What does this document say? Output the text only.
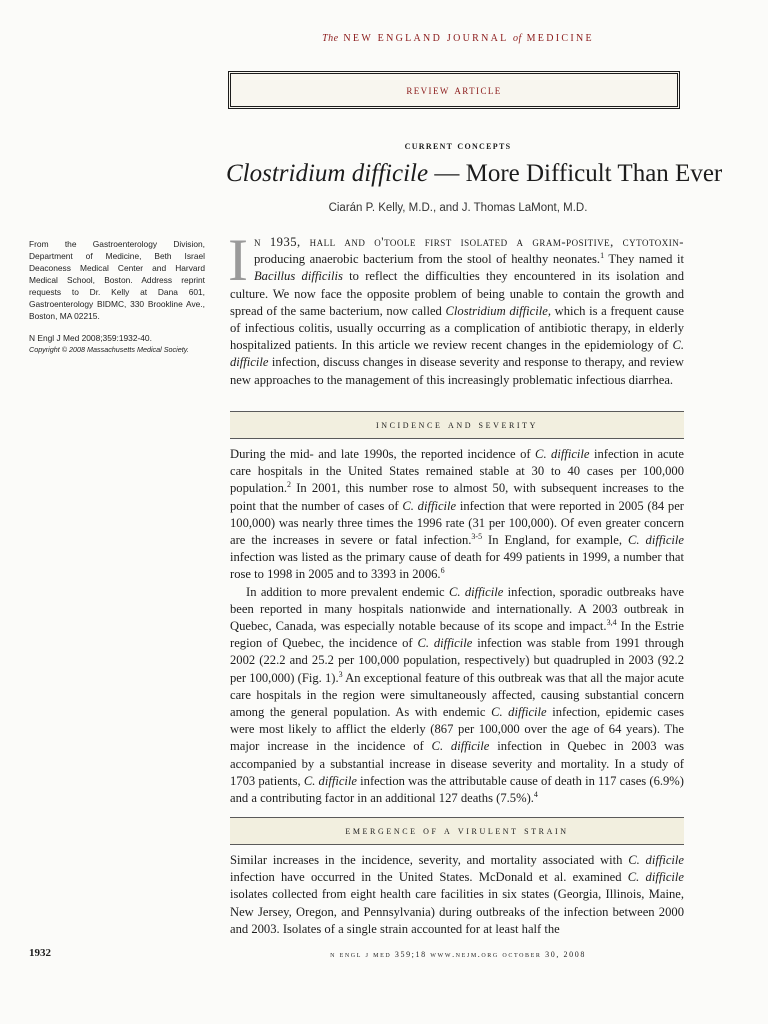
The NEW ENGLAND JOURNAL of MEDICINE
review article
current concepts
Clostridium difficile — More Difficult Than Ever
Ciarán P. Kelly, M.D., and J. Thomas LaMont, M.D.

From the Gastroenterology Division, Department of Medicine, Beth Israel Deaconess Medical Center and Harvard Medical School, Boston. Address reprint requests to Dr. Kelly at Dana 601, Gastroenterology BIDMC, 330 Brookline Ave., Boston, MA 02215.

N Engl J Med 2008;359:1932-40.

Copyright © 2008 Massachusetts Medical Society.

In 1935, hall and o'toole first isolated a gram-positive, cytotoxin-producing anaerobic bacterium from the stool of healthy neonates.$^1$ They named it Bacillus difficilis to reflect the difficulties they encountered in its isolation and culture. We now face the opposite problem of being unable to contain the growth and spread of the same bacterium, now called Clostridium difficile, which is a frequent cause of infectious colitis, usually occurring as a complication of antibiotic therapy, in elderly hospitalized patients. In this article we review recent changes in the epidemiology of C. difficile infection, discuss changes in disease severity and response to therapy, and review new approaches to the management of this increasingly problematic infectious diarrhea.

incidence and severity

During the mid- and late 1990s, the reported incidence of C. difficile infection in acute care hospitals in the United States remained stable at 30 to 40 cases per 100,000 population.$^2$ In 2001, this number rose to almost 50, with subsequent increases to the point that the number of cases of C. difficile infection that were reported in 2005 (84 per 100,000) was nearly three times the 1996 rate (31 per 100,000). Of even greater concern are the increases in severe or fatal infection.$^{3-5}$ In England, for example, C. difficile infection was listed as the primary cause of death for 499 patients in 1999, a number that rose to 1998 in 2005 and to 3393 in 2006.$^6$

In addition to more prevalent endemic C. difficile infection, sporadic outbreaks have been reported in many hospitals nationwide and internationally. A 2003 outbreak in Quebec, Canada, was especially notable because of its scope and impact.$^{3,4}$ In the Estrie region of Quebec, the incidence of C. difficile infection was stable from 1991 through 2002 (22.2 and 25.2 per 100,000 population, respectively) but quadrupled in 2003 (92.2 per 100,000) (Fig. 1).$^3$ An exceptional feature of this outbreak was that all the major acute care hospitals in the region were simultaneously affected, causing substantial concern among the general population. As with endemic C. difficile infection, epidemic cases were most likely to afflict the elderly (867 per 100,000 over the age of 64 years). The major increase in the incidence of C. difficile infection in Quebec in 2003 was accompanied by a substantial increase in disease severity and mortality. In a study of 1703 patients, C. difficile infection was the attributable cause of death in 117 cases (6.9%) and a contributing factor in an additional 127 deaths (7.5%).$^4$

emergence of a virulent strain

Similar increases in the incidence, severity, and mortality associated with C. difficile infection have occurred in the United States. McDonald et al. examined C. difficile isolates collected from eight health care facilities in six states (Georgia, Illinois, Maine, New Jersey, Oregon, and Pennsylvania) during outbreaks of the infection between 2000 and 2003. Isolates of a single strain accounted for at least half the

1932	n engl j med 359;18 www.nejm.org october 30, 2008
